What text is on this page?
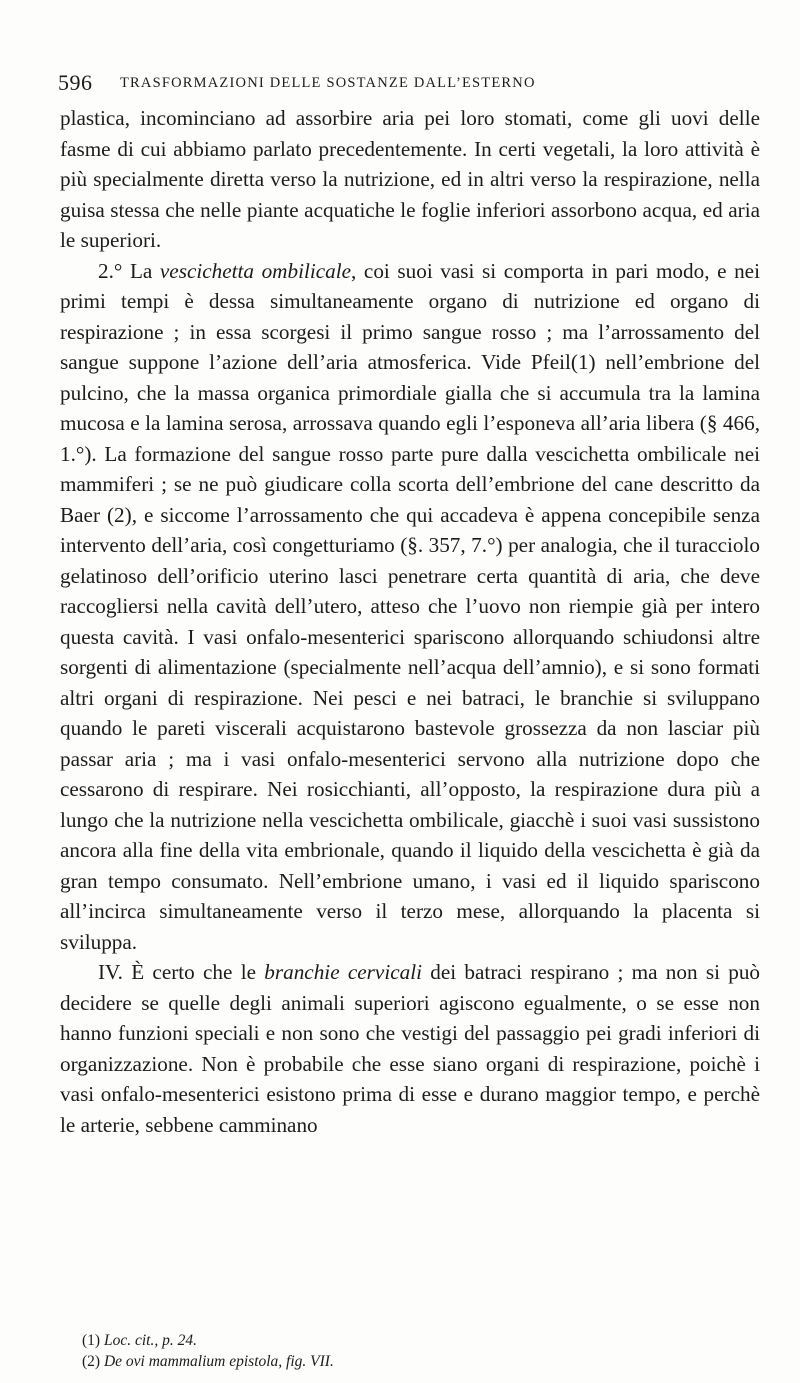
596 TRASFORMAZIONI DELLE SOSTANZE DALL’ESTERNO

plastica, incominciano ad assorbire aria pei loro stomati, come gli uovi delle fasme di cui abbiamo parlato precedentemente. In certi vegetali, la loro attività è più specialmente diretta verso la nutrizione, ed in altri verso la respirazione, nella guisa stessa che nelle piante acquatiche le foglie inferiori assorbono acqua, ed aria le superiori.

2.° La vescichetta ombilicale, coi suoi vasi si comporta in pari modo, e nei primi tempi è dessa simultaneamente organo di nutrizione ed organo di respirazione ; in essa scorgesi il primo sangue rosso ; ma l’arrossamento del sangue suppone l’azione dell’aria atmosferica. Vide Pfeil(1) nell’embrione del pulcino, che la massa organica primordiale gialla che si accumula tra la lamina mucosa e la lamina serosa, arrossava quando egli l’esponeva all’aria libera (§ 466, 1.°). La formazione del sangue rosso parte pure dalla vescichetta ombilicale nei mammiferi ; se ne può giudicare colla scorta dell’embrione del cane descritto da Baer (2), e siccome l’arrossamento che qui accadeva è appena concepibile senza intervento dell’aria, così congetturiamo (§. 357, 7.°) per analogia, che il turacciolo gelatinoso dell’orificio uterino lasci penetrare certa quantità di aria, che deve raccogliersi nella cavità dell’utero, atteso che l’uovo non riempie già per intero questa cavità. I vasi onfalo-mesenterici spariscono allorquando schiudonsi altre sorgenti di alimentazione (specialmente nell’acqua dell’amnio), e si sono formati altri organi di respirazione. Nei pesci e nei batraci, le branchie si sviluppano quando le pareti viscerali acquistarono bastevole grossezza da non lasciar più passar aria ; ma i vasi onfalo-mesenterici servono alla nutrizione dopo che cessarono di respirare. Nei rosicchianti, all’opposto, la respirazione dura più a lungo che la nutrizione nella vescichetta ombilicale, giacchè i suoi vasi sussistono ancora alla fine della vita embrionale, quando il liquido della vescichetta è già da gran tempo consumato. Nell’embrione umano, i vasi ed il liquido spariscono all’incirca simultaneamente verso il terzo mese, allorquando la placenta si sviluppa.

IV. È certo che le branchie cervicali dei batraci respirano ; ma non si può decidere se quelle degli animali superiori agiscono egualmente, o se esse non hanno funzioni speciali e non sono che vestigi del passaggio pei gradi inferiori di organizzazione. Non è probabile che esse siano organi di respirazione, poichè i vasi onfalo-mesenterici esistono prima di esse e durano maggior tempo, e perchè le arterie, sebbene camminano

(1) Loc. cit., p. 24.
(2) De ovi mammalium epistola, fig. VII.
